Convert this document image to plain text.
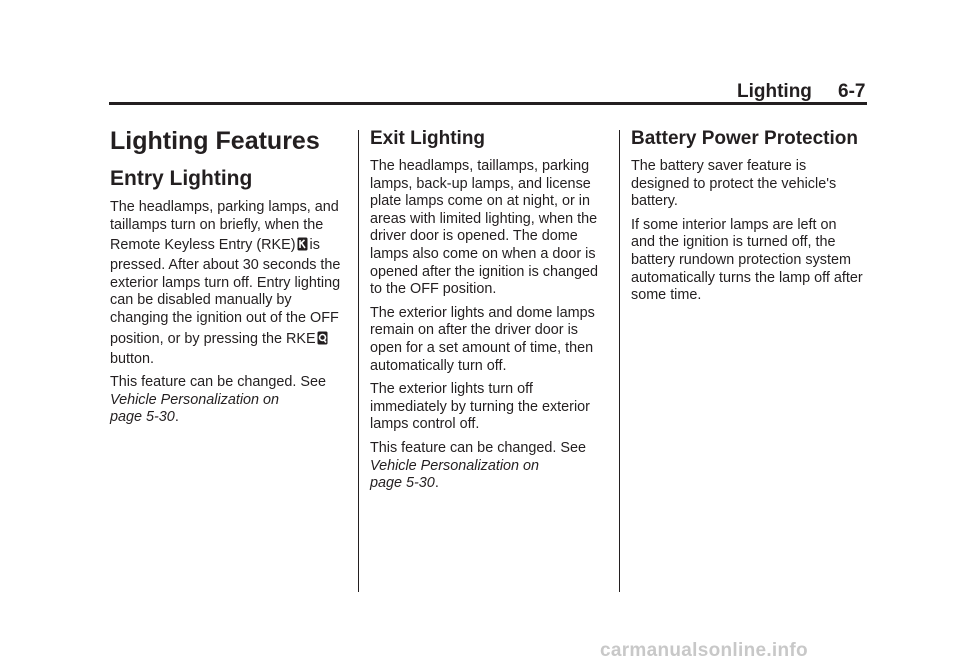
Lighting 6-7
Lighting Features
Entry Lighting

The headlamps, parking lamps, and
taillamps turn on briefly, when the
Remote Keyless Entry (RKE) is
pressed. After about 30 seconds the
exterior lamps turn off. Entry lighting
can be disabled manually by
changing the ignition out of the OFF
position, or by pressing the RKE
button.

This feature can be changed. See
Vehicle Personalization on
page 5-30.

Exit Lighting

The headlamps, taillamps, parking
lamps, back-up lamps, and license
plate lamps come on at night, or in
areas with limited lighting, when the
driver door is opened. The dome
lamps also come on when a door is
opened after the ignition is changed
to the OFF position.

The exterior lights and dome lamps
remain on after the driver door is
open for a set amount of time, then
automatically turn off.

The exterior lights turn off
immediately by turning the exterior
lamps control off.

This feature can be changed. See
Vehicle Personalization on
page 5-30.

Battery Power Protection

The battery saver feature is
designed to protect the vehicle's
battery.

If some interior lamps are left on
and the ignition is turned off, the
battery rundown protection system
automatically turns the lamp off after
some time.

carmanualsonline.info
